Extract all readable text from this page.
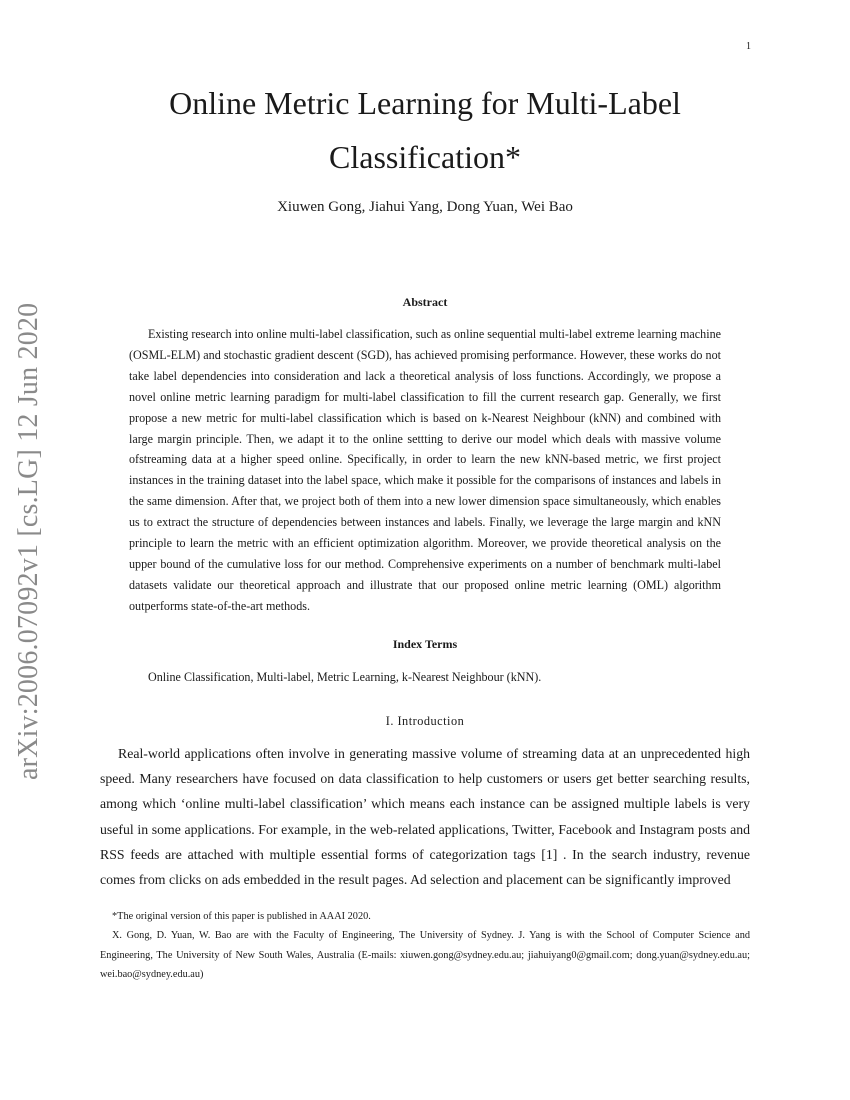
1
arXiv:2006.07092v1 [cs.LG] 12 Jun 2020
Online Metric Learning for Multi-Label Classification*
Xiuwen Gong, Jiahui Yang, Dong Yuan, Wei Bao
Abstract

Existing research into online multi-label classification, such as online sequential multi-label extreme learning machine (OSML-ELM) and stochastic gradient descent (SGD), has achieved promising performance. However, these works do not take label dependencies into consideration and lack a theoretical analysis of loss functions. Accordingly, we propose a novel online metric learning paradigm for multi-label classification to fill the current research gap. Generally, we first propose a new metric for multi-label classification which is based on k-Nearest Neighbour (kNN) and combined with large margin principle. Then, we adapt it to the online settting to derive our model which deals with massive volume ofstreaming data at a higher speed online. Specifically, in order to learn the new kNN-based metric, we first project instances in the training dataset into the label space, which make it possible for the comparisons of instances and labels in the same dimension. After that, we project both of them into a new lower dimension space simultaneously, which enables us to extract the structure of dependencies between instances and labels. Finally, we leverage the large margin and kNN principle to learn the metric with an efficient optimization algorithm. Moreover, we provide theoretical analysis on the upper bound of the cumulative loss for our method. Comprehensive experiments on a number of benchmark multi-label datasets validate our theoretical approach and illustrate that our proposed online metric learning (OML) algorithm outperforms state-of-the-art methods.

Index Terms

Online Classification, Multi-label, Metric Learning, k-Nearest Neighbour (kNN).

I. Introduction

Real-world applications often involve in generating massive volume of streaming data at an unprecedented high speed. Many researchers have focused on data classification to help customers or users get better searching results, among which ‘online multi-label classification’ which means each instance can be assigned multiple labels is very useful in some applications. For example, in the web-related applications, Twitter, Facebook and Instagram posts and RSS feeds are attached with multiple essential forms of categorization tags [1] . In the search industry, revenue comes from clicks on ads embedded in the result pages. Ad selection and placement can be significantly improved

*The original version of this paper is published in AAAI 2020.

X. Gong, D. Yuan, W. Bao are with the Faculty of Engineering, The University of Sydney. J. Yang is with the School of Computer Science and Engineering, The University of New South Wales, Australia (E-mails: xiuwen.gong@sydney.edu.au; jiahuiyang0@gmail.com; dong.yuan@sydney.edu.au; wei.bao@sydney.edu.au)
